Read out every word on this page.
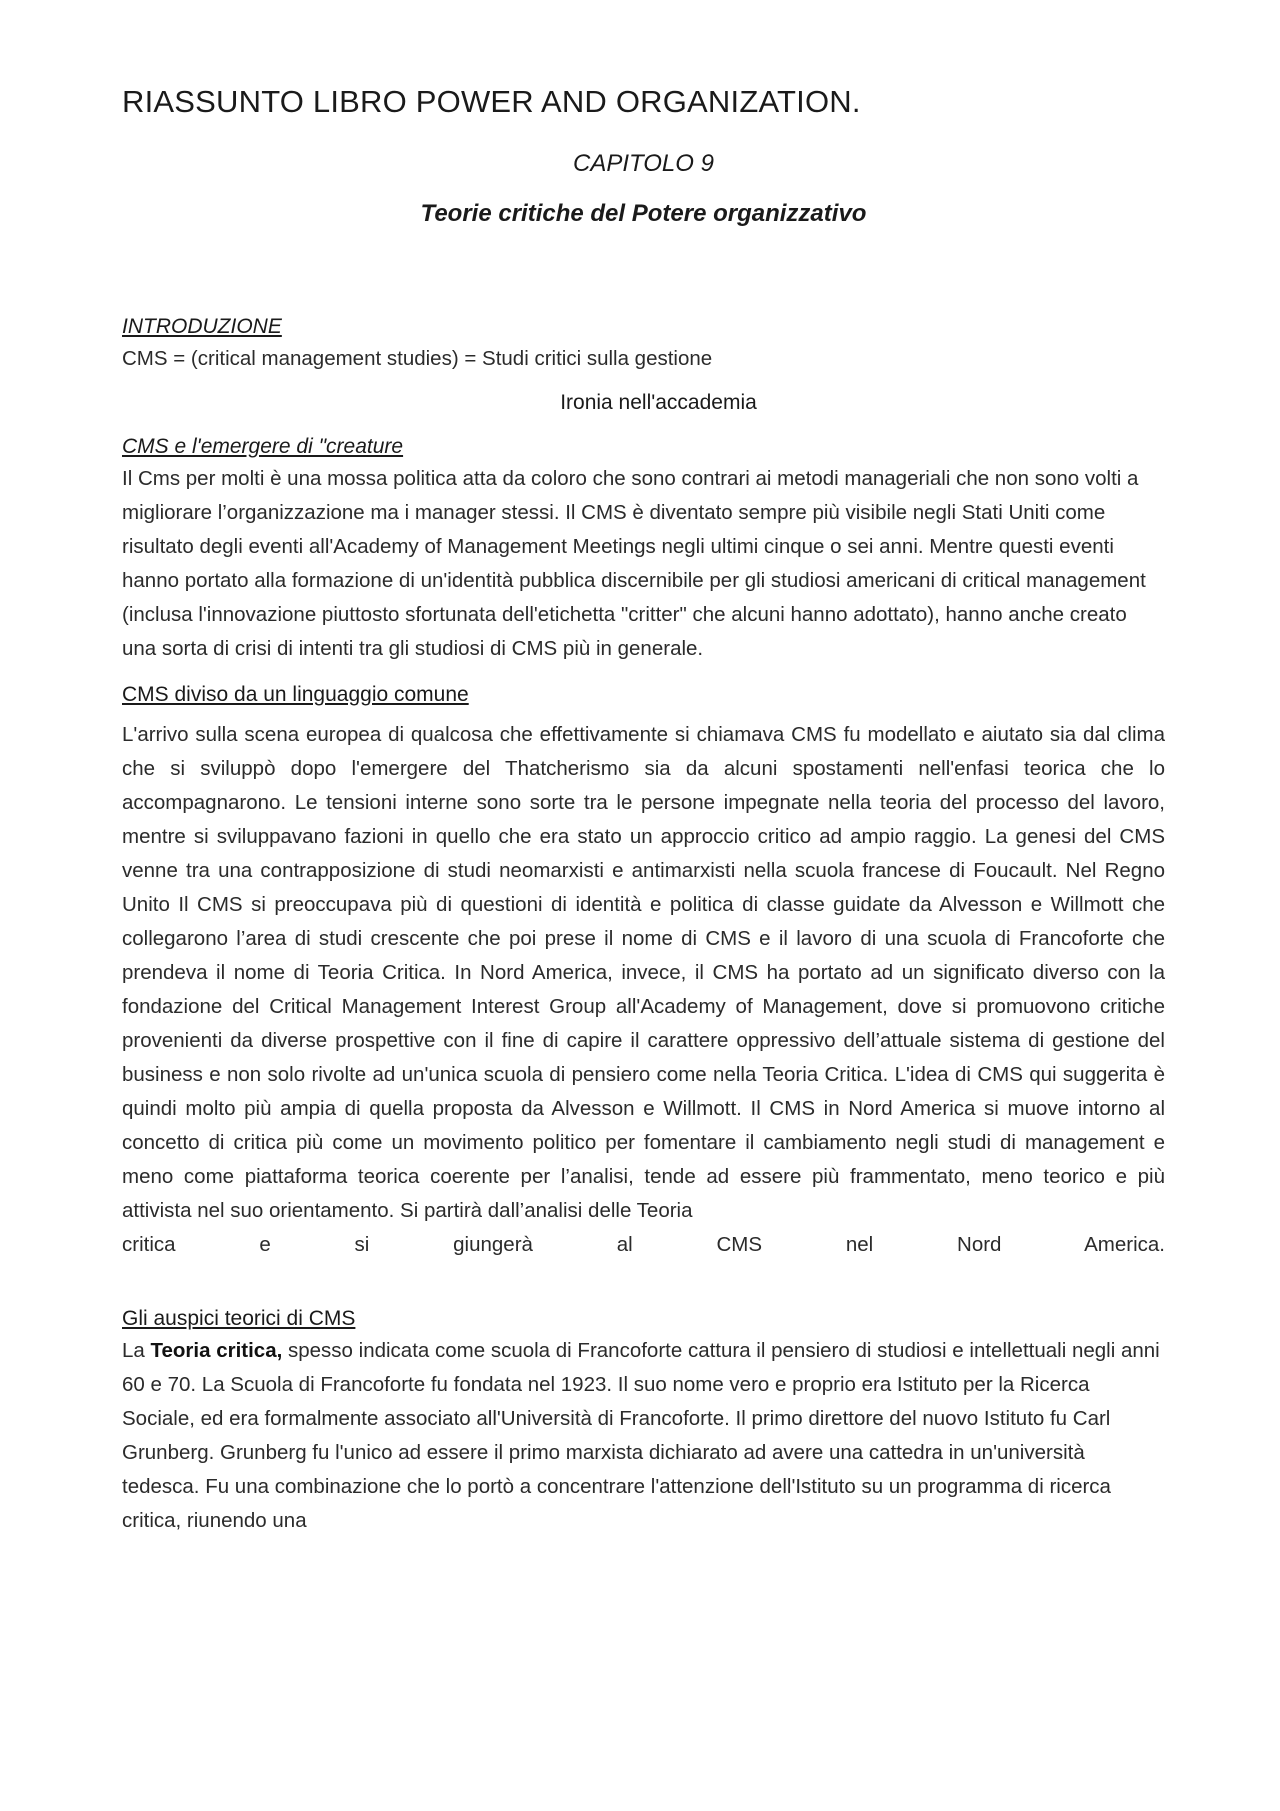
RIASSUNTO LIBRO POWER AND ORGANIZATION.
CAPITOLO 9
Teorie critiche del Potere organizzativo
INTRODUZIONE

CMS = (critical management studies) = Studi critici sulla gestione

Ironia nell'accademia
CMS e l'emergere di "creature

Il Cms per molti è una mossa politica atta da coloro che sono contrari ai metodi manageriali che non sono volti a migliorare l’organizzazione ma i manager stessi. Il CMS è diventato sempre più visibile negli Stati Uniti come risultato degli eventi all'Academy of Management Meetings negli ultimi cinque o sei anni. Mentre questi eventi hanno portato alla formazione di un'identità pubblica discernibile per gli studiosi americani di critical management (inclusa l'innovazione piuttosto sfortunata dell'etichetta "critter" che alcuni hanno adottato), hanno anche creato una sorta di crisi di intenti tra gli studiosi di CMS più in generale.

CMS diviso da un linguaggio comune

L'arrivo sulla scena europea di qualcosa che effettivamente si chiamava CMS fu modellato e aiutato sia dal clima che si sviluppò dopo l'emergere del Thatcherismo sia da alcuni spostamenti nell'enfasi teorica che lo accompagnarono. Le tensioni interne sono sorte tra le persone impegnate nella teoria del processo del lavoro, mentre si sviluppavano fazioni in quello che era stato un approccio critico ad ampio raggio. La genesi del CMS venne tra una contrapposizione di studi neomarxisti e antimarxisti nella scuola francese di Foucault. Nel Regno Unito Il CMS si preoccupava più di questioni di identità e politica di classe guidate da Alvesson e Willmott che collegarono l’area di studi crescente che poi prese il nome di CMS e il lavoro di una scuola di Francoforte che prendeva il nome di Teoria Critica. In Nord America, invece, il CMS ha portato ad un significato diverso con la fondazione del Critical Management Interest Group all'Academy of Management, dove si promuovono critiche provenienti da diverse prospettive con il fine di capire il carattere oppressivo dell’attuale sistema di gestione del business e non solo rivolte ad un'unica scuola di pensiero come nella Teoria Critica. L'idea di CMS qui suggerita è quindi molto più ampia di quella proposta da Alvesson e Willmott. Il CMS in Nord America si muove intorno al concetto di critica più come un movimento politico per fomentare il cambiamento negli studi di management e meno come piattaforma teorica coerente per l’analisi, tende ad essere più frammentato, meno teorico e più attivista nel suo orientamento. Si partirà dall’analisi delle Teoria

critica e si giungerà al CMS nel Nord America.

Gli auspici teorici di CMS

La Teoria critica, spesso indicata come scuola di Francoforte cattura il pensiero di studiosi e intellettuali negli anni 60 e 70. La Scuola di Francoforte fu fondata nel 1923. Il suo nome vero e proprio era Istituto per la Ricerca Sociale, ed era formalmente associato all'Università di Francoforte. Il primo direttore del nuovo Istituto fu Carl Grunberg. Grunberg fu l'unico ad essere il primo marxista dichiarato ad avere una cattedra in un'università tedesca. Fu una combinazione che lo portò a concentrare l'attenzione dell'Istituto su un programma di ricerca critica, riunendo una
